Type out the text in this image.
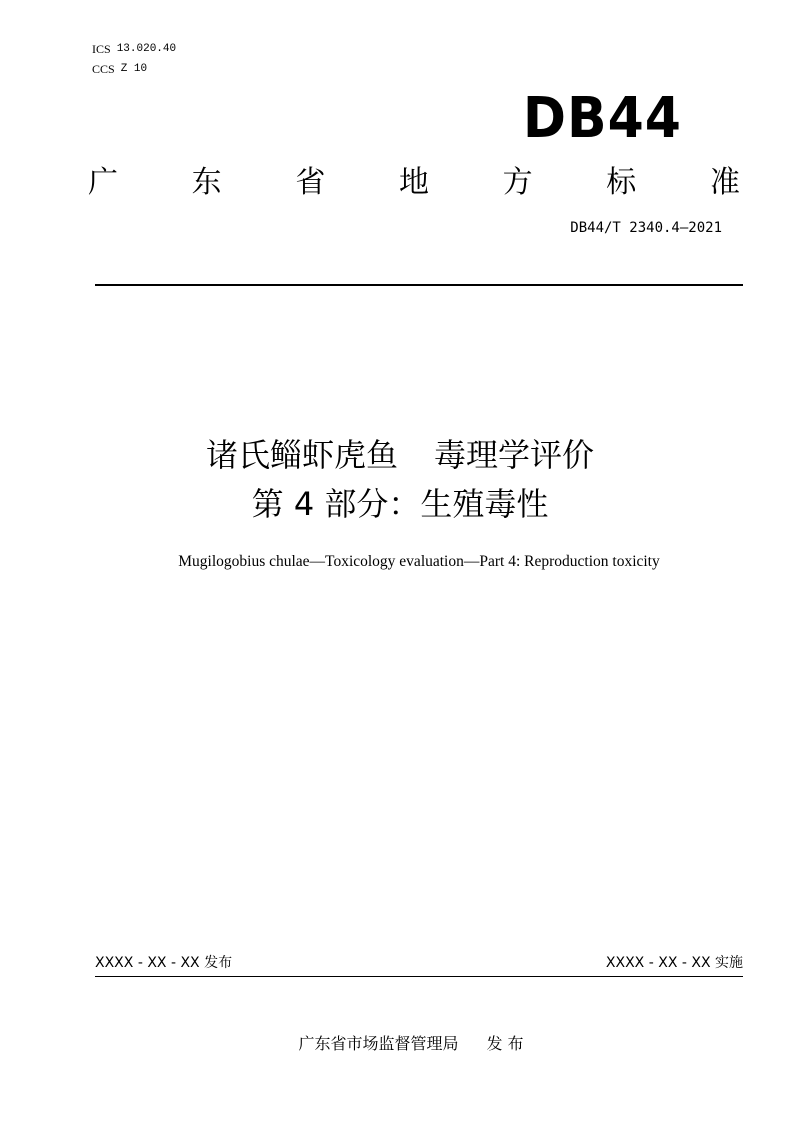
ICS 13.020.40
CCS Z 10
DB44
广 东 省 地 方 标 准
DB44/T 2340.4—2021
诸氏鲻虾虎鱼 毒理学评价
第 4 部分：生殖毒性
Mugilogobius chulae—Toxicology evaluation—Part 4: Reproduction toxicity
XXXX - XX - XX 发布	XXXX - XX - XX 实施
广东省市场监督管理局 发 布
